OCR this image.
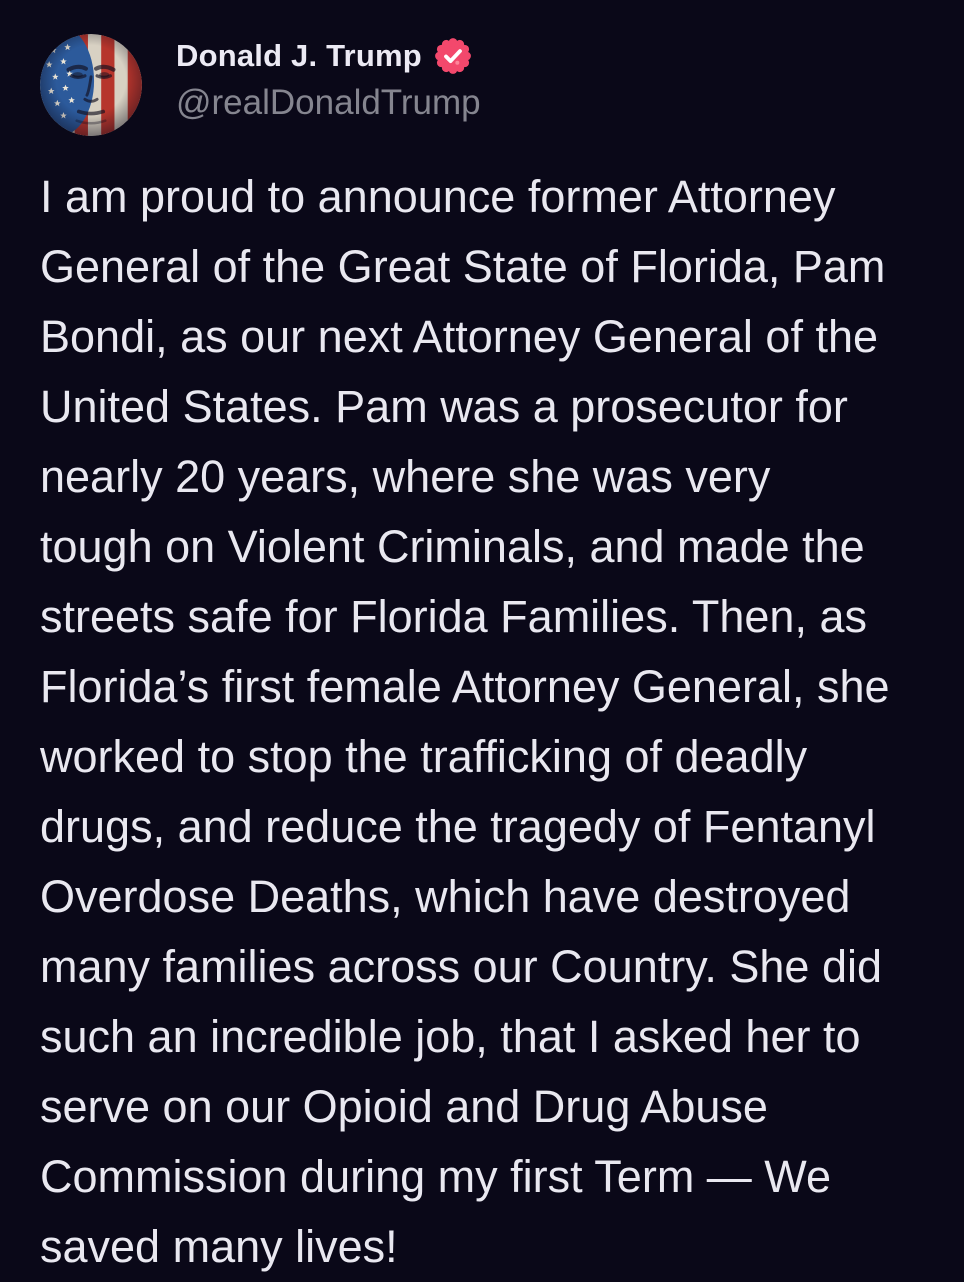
Donald J. Trump
@realDonaldTrump
I am proud to announce former Attorney
General of the Great State of Florida, Pam
Bondi, as our next Attorney General of the
United States. Pam was a prosecutor for
nearly 20 years, where she was very
tough on Violent Criminals, and made the
streets safe for Florida Families. Then, as
Florida’s first female Attorney General, she
worked to stop the trafficking of deadly
drugs, and reduce the tragedy of Fentanyl
Overdose Deaths, which have destroyed
many families across our Country. She did
such an incredible job, that I asked her to
serve on our Opioid and Drug Abuse
Commission during my first Term — We
saved many lives!
